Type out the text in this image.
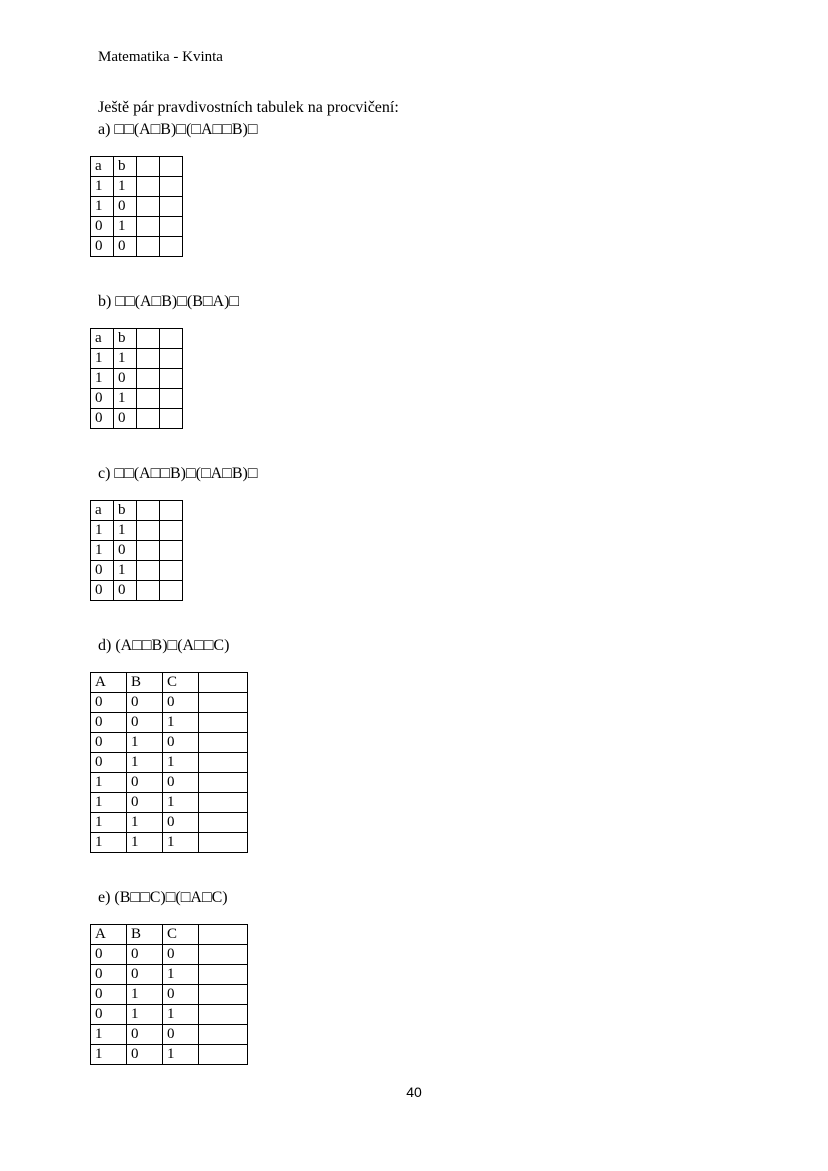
Matematika - Kvinta
Ještě pár pravdivostních tabulek na procvičení:
a) □□(A□B)□(□A□□B)□
a	b		
1	1		
1	0		
0	1		
0	0		
b) □□(A□B)□(B□A)□
a	b		
1	1		
1	0		
0	1		
0	0		
c) □□(A□□B)□(□A□B)□
a	b		
1	1		
1	0		
0	1		
0	0		
d) (A□□B)□(A□□C)
A	B	C	
0	0	0	
0	0	1	
0	1	0	
0	1	1	
1	0	0	
1	0	1	
1	1	0	
1	1	1	
e) (B□□C)□(□A□C)
A	B	C	
0	0	0	
0	0	1	
0	1	0	
0	1	1	
1	0	0	
1	0	1	
40
